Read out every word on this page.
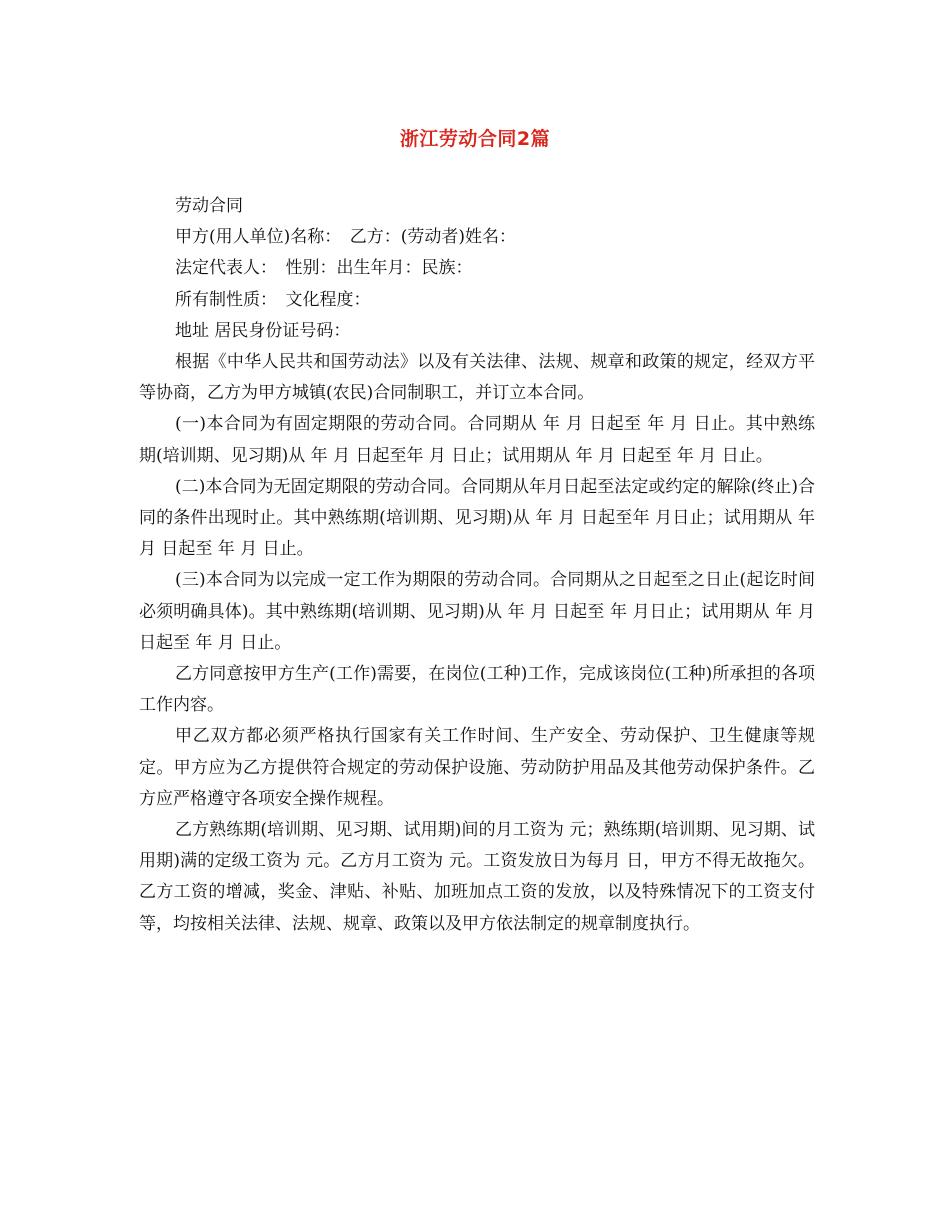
浙江劳动合同2篇

劳动合同

甲方(用人单位)名称：　乙方：(劳动者)姓名：

法定代表人：　性别：出生年月：民族：

所有制性质：　文化程度：

地址 居民身份证号码：

根据《中华人民共和国劳动法》以及有关法律、法规、规章和政策的规定，经双方平等协商，乙方为甲方城镇(农民)合同制职工，并订立本合同。

(一)本合同为有固定期限的劳动合同。合同期从 年 月 日起至 年 月 日止。其中熟练期(培训期、见习期)从 年 月 日起至年 月 日止；试用期从 年 月 日起至 年 月 日止。

(二)本合同为无固定期限的劳动合同。合同期从年月日起至法定或约定的解除(终止)合同的条件出现时止。其中熟练期(培训期、见习期)从 年 月 日起至年 月日止；试用期从 年 月 日起至 年 月 日止。

(三)本合同为以完成一定工作为期限的劳动合同。合同期从之日起至之日止(起讫时间必须明确具体)。其中熟练期(培训期、见习期)从 年 月 日起至 年 月日止；试用期从 年 月 日起至 年 月 日止。

乙方同意按甲方生产(工作)需要，在岗位(工种)工作，完成该岗位(工种)所承担的各项工作内容。

甲乙双方都必须严格执行国家有关工作时间、生产安全、劳动保护、卫生健康等规定。甲方应为乙方提供符合规定的劳动保护设施、劳动防护用品及其他劳动保护条件。乙方应严格遵守各项安全操作规程。

乙方熟练期(培训期、见习期、试用期)间的月工资为 元；熟练期(培训期、见习期、试用期)满的定级工资为 元。乙方月工资为 元。工资发放日为每月 日，甲方不得无故拖欠。乙方工资的增减，奖金、津贴、补贴、加班加点工资的发放，以及特殊情况下的工资支付等，均按相关法律、法规、规章、政策以及甲方依法制定的规章制度执行。
